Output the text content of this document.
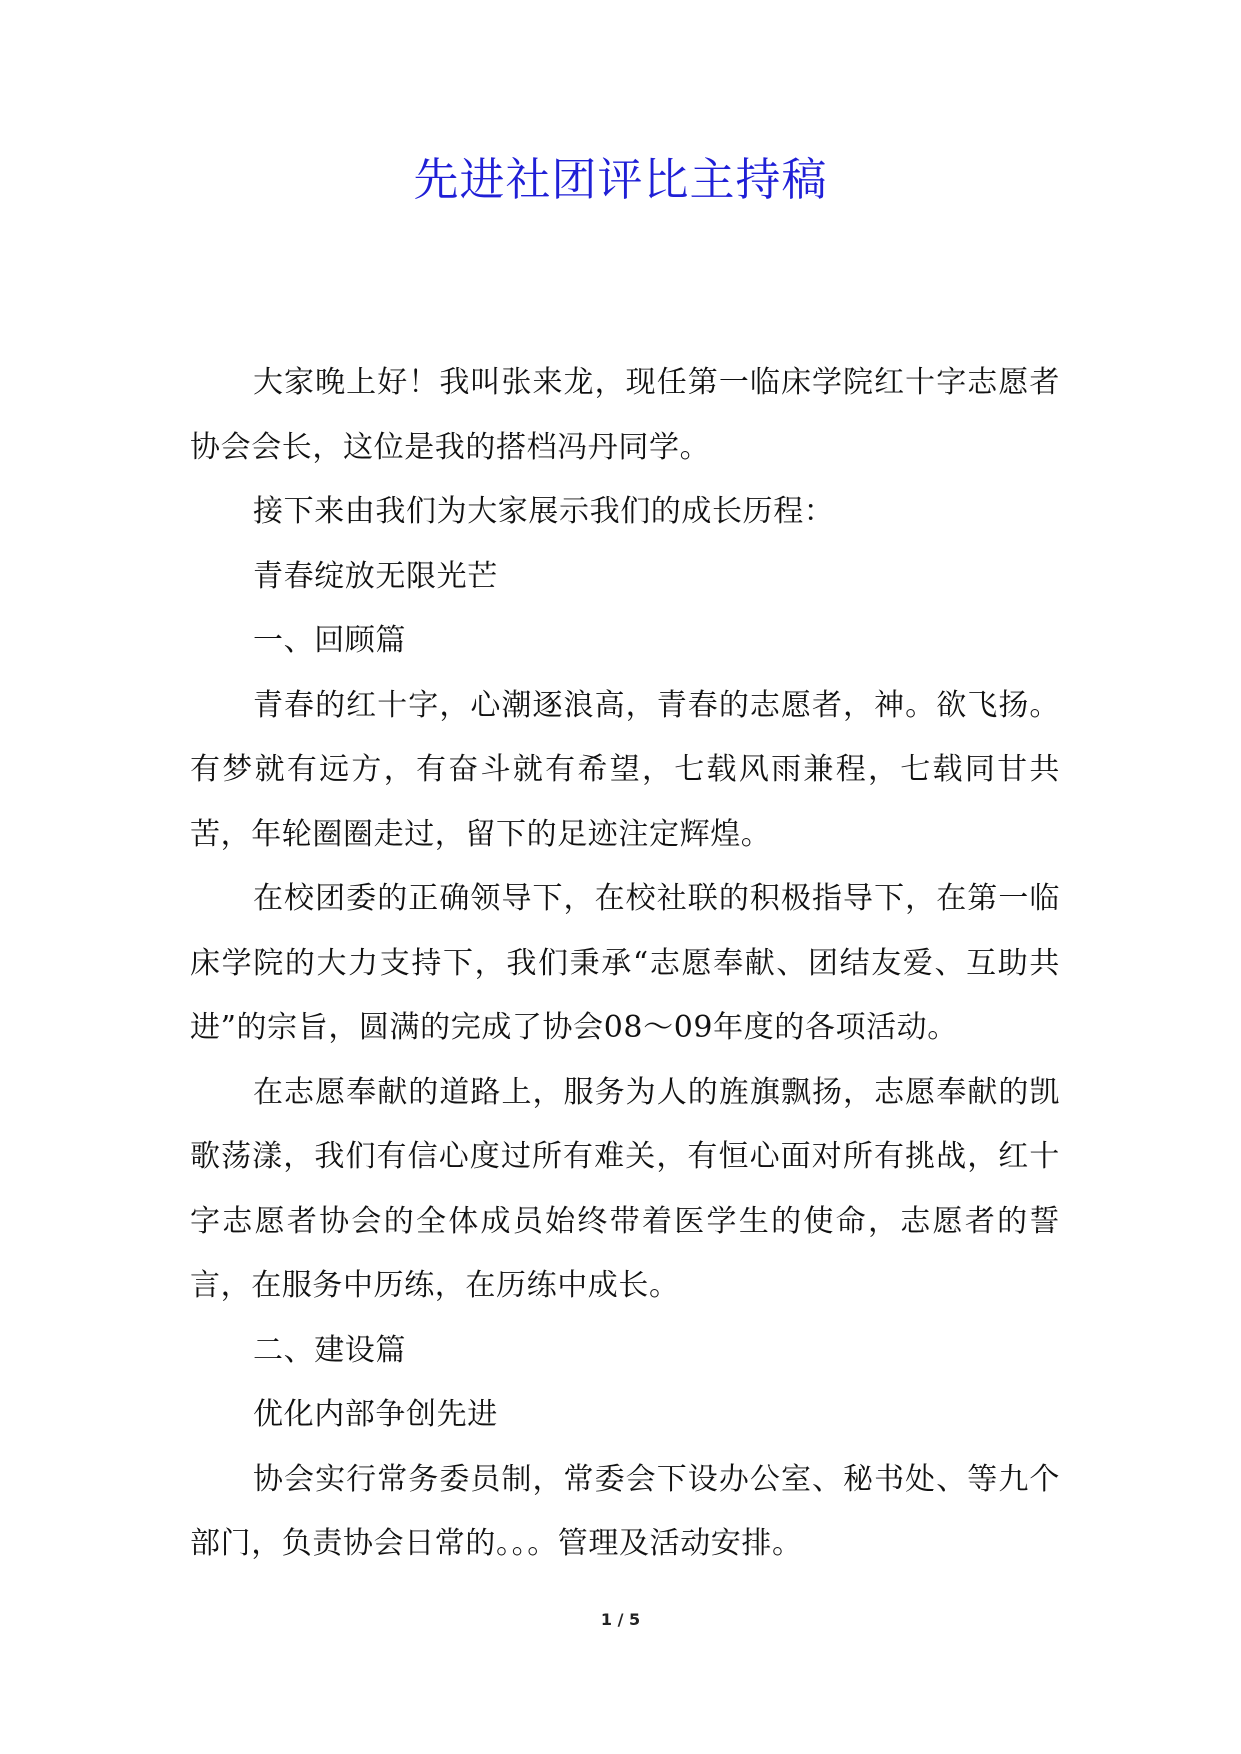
先进社团评比主持稿

大家晚上好！我叫张来龙，现任第一临床学院红十字志愿者协会会长，这位是我的搭档冯丹同学。

接下来由我们为大家展示我们的成长历程：

青春绽放无限光芒

一、回顾篇

青春的红十字，心潮逐浪高，青春的志愿者，神。欲飞扬。有梦就有远方，有奋斗就有希望，七载风雨兼程，七载同甘共苦，年轮圈圈走过，留下的足迹注定辉煌。

在校团委的正确领导下，在校社联的积极指导下，在第一临床学院的大力支持下，我们秉承“志愿奉献、团结友爱、互助共进”的宗旨，圆满的完成了协会08～09年度的各项活动。

在志愿奉献的道路上，服务为人的旌旗飘扬，志愿奉献的凯歌荡漾，我们有信心度过所有难关，有恒心面对所有挑战，红十字志愿者协会的全体成员始终带着医学生的使命，志愿者的誓言，在服务中历练，在历练中成长。

二、建设篇

优化内部争创先进

协会实行常务委员制，常委会下设办公室、秘书处、等九个部门，负责协会日常的。。。管理及活动安排。

1 / 5
